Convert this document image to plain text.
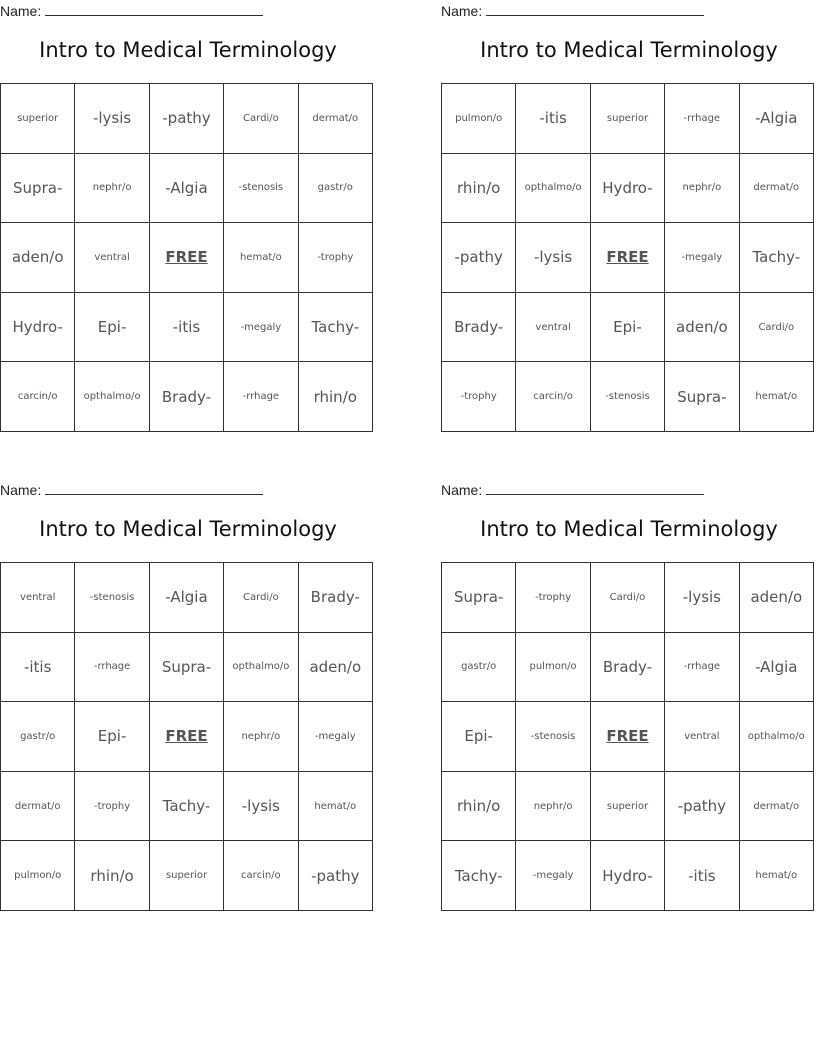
Name:
Intro to Medical Terminology
superior	-lysis	-pathy	Cardi/o	dermat/o
Supra-	nephr/o	-Algia	-stenosis	gastr/o
aden/o	ventral	FREE	hemat/o	-trophy
Hydro-	Epi-	-itis	-megaly	Tachy-
carcin/o	opthalmo/o	Brady-	-rrhage	rhin/o
Name:
Intro to Medical Terminology
pulmon/o	-itis	superior	-rrhage	-Algia
rhin/o	opthalmo/o	Hydro-	nephr/o	dermat/o
-pathy	-lysis	FREE	-megaly	Tachy-
Brady-	ventral	Epi-	aden/o	Cardi/o
-trophy	carcin/o	-stenosis	Supra-	hemat/o
Name:
Intro to Medical Terminology
ventral	-stenosis	-Algia	Cardi/o	Brady-
-itis	-rrhage	Supra-	opthalmo/o	aden/o
gastr/o	Epi-	FREE	nephr/o	-megaly
dermat/o	-trophy	Tachy-	-lysis	hemat/o
pulmon/o	rhin/o	superior	carcin/o	-pathy
Name:
Intro to Medical Terminology
Supra-	-trophy	Cardi/o	-lysis	aden/o
gastr/o	pulmon/o	Brady-	-rrhage	-Algia
Epi-	-stenosis	FREE	ventral	opthalmo/o
rhin/o	nephr/o	superior	-pathy	dermat/o
Tachy-	-megaly	Hydro-	-itis	hemat/o
